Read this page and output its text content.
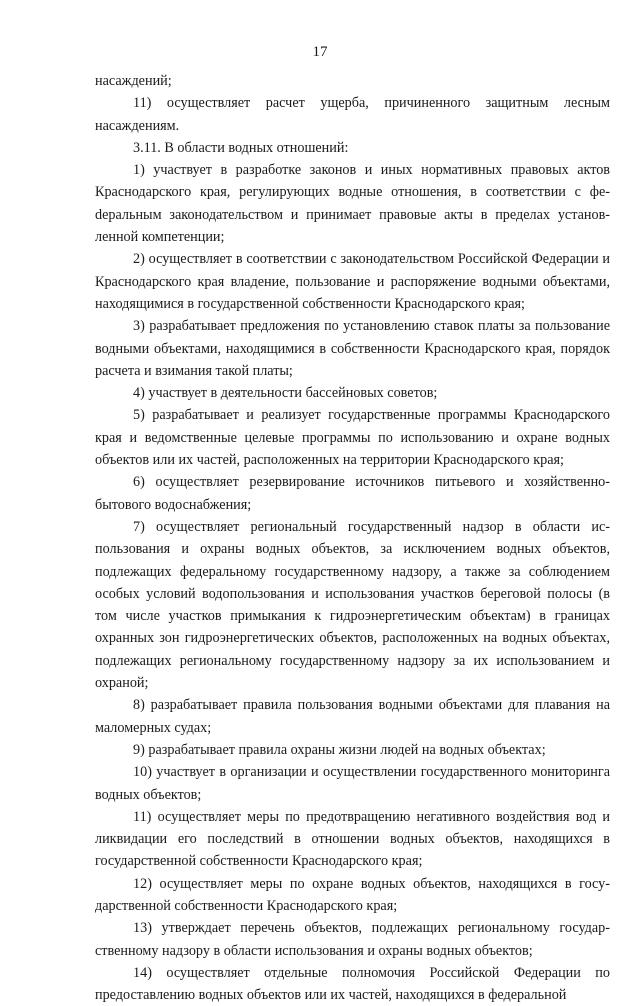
17

насаждений;

11) осуществляет расчет ущерба, причиненного защитным лесным насаждениям.

3.11. В области водных отношений:

1) участвует в разработке законов и иных нормативных правовых актов Краснодарского края, регулирующих водные отношения, в соответствии с феdеральным законодательством и принимает правовые акты в пределах установленной компетенции;

2) осуществляет в соответствии с законодательством Российской Федерации и Краснодарского края владение, пользование и распоряжение водными объектами, находящимися в государственной собственности Краснодарского края;

3) разрабатывает предложения по установлению ставок платы за пользование водными объектами, находящимися в собственности Краснодарского края, порядок расчета и взимания такой платы;

4) участвует в деятельности бассейновых советов;

5) разрабатывает и реализует государственные программы Краснодарского края и ведомственные целевые программы по использованию и охране водных объектов или их частей, расположенных на территории Краснодарского края;

6) осуществляет резервирование источников питьевого и хозяйственно-бытового водоснабжения;

7) осуществляет региональный государственный надзор в области использования и охраны водных объектов, за исключением водных объектов, подлежащих федеральному государственному надзору, а также за соблюдением особых условий водопользования и использования участков береговой полосы (в том числе участков примыкания к гидроэнергетическим объектам) в границах охранных зон гидроэнергетических объектов, расположенных на водных объектах, подлежащих региональному государственному надзору за их использованием и охраной;

8) разрабатывает правила пользования водными объектами для плавания на маломерных судах;

9) разрабатывает правила охраны жизни людей на водных объектах;

10) участвует в организации и осуществлении государственного мониторинга водных объектов;

11) осуществляет меры по предотвращению негативного воздействия вод и ликвидации его последствий в отношении водных объектов, находящихся в государственной собственности Краснодарского края;

12) осуществляет меры по охране водных объектов, находящихся в государственной собственности Краснодарского края;

13) утверждает перечень объектов, подлежащих региональному государственному надзору в области использования и охраны водных объектов;

14) осуществляет отдельные полномочия Российской Федерации по предоставлению водных объектов или их частей, находящихся в федеральной
